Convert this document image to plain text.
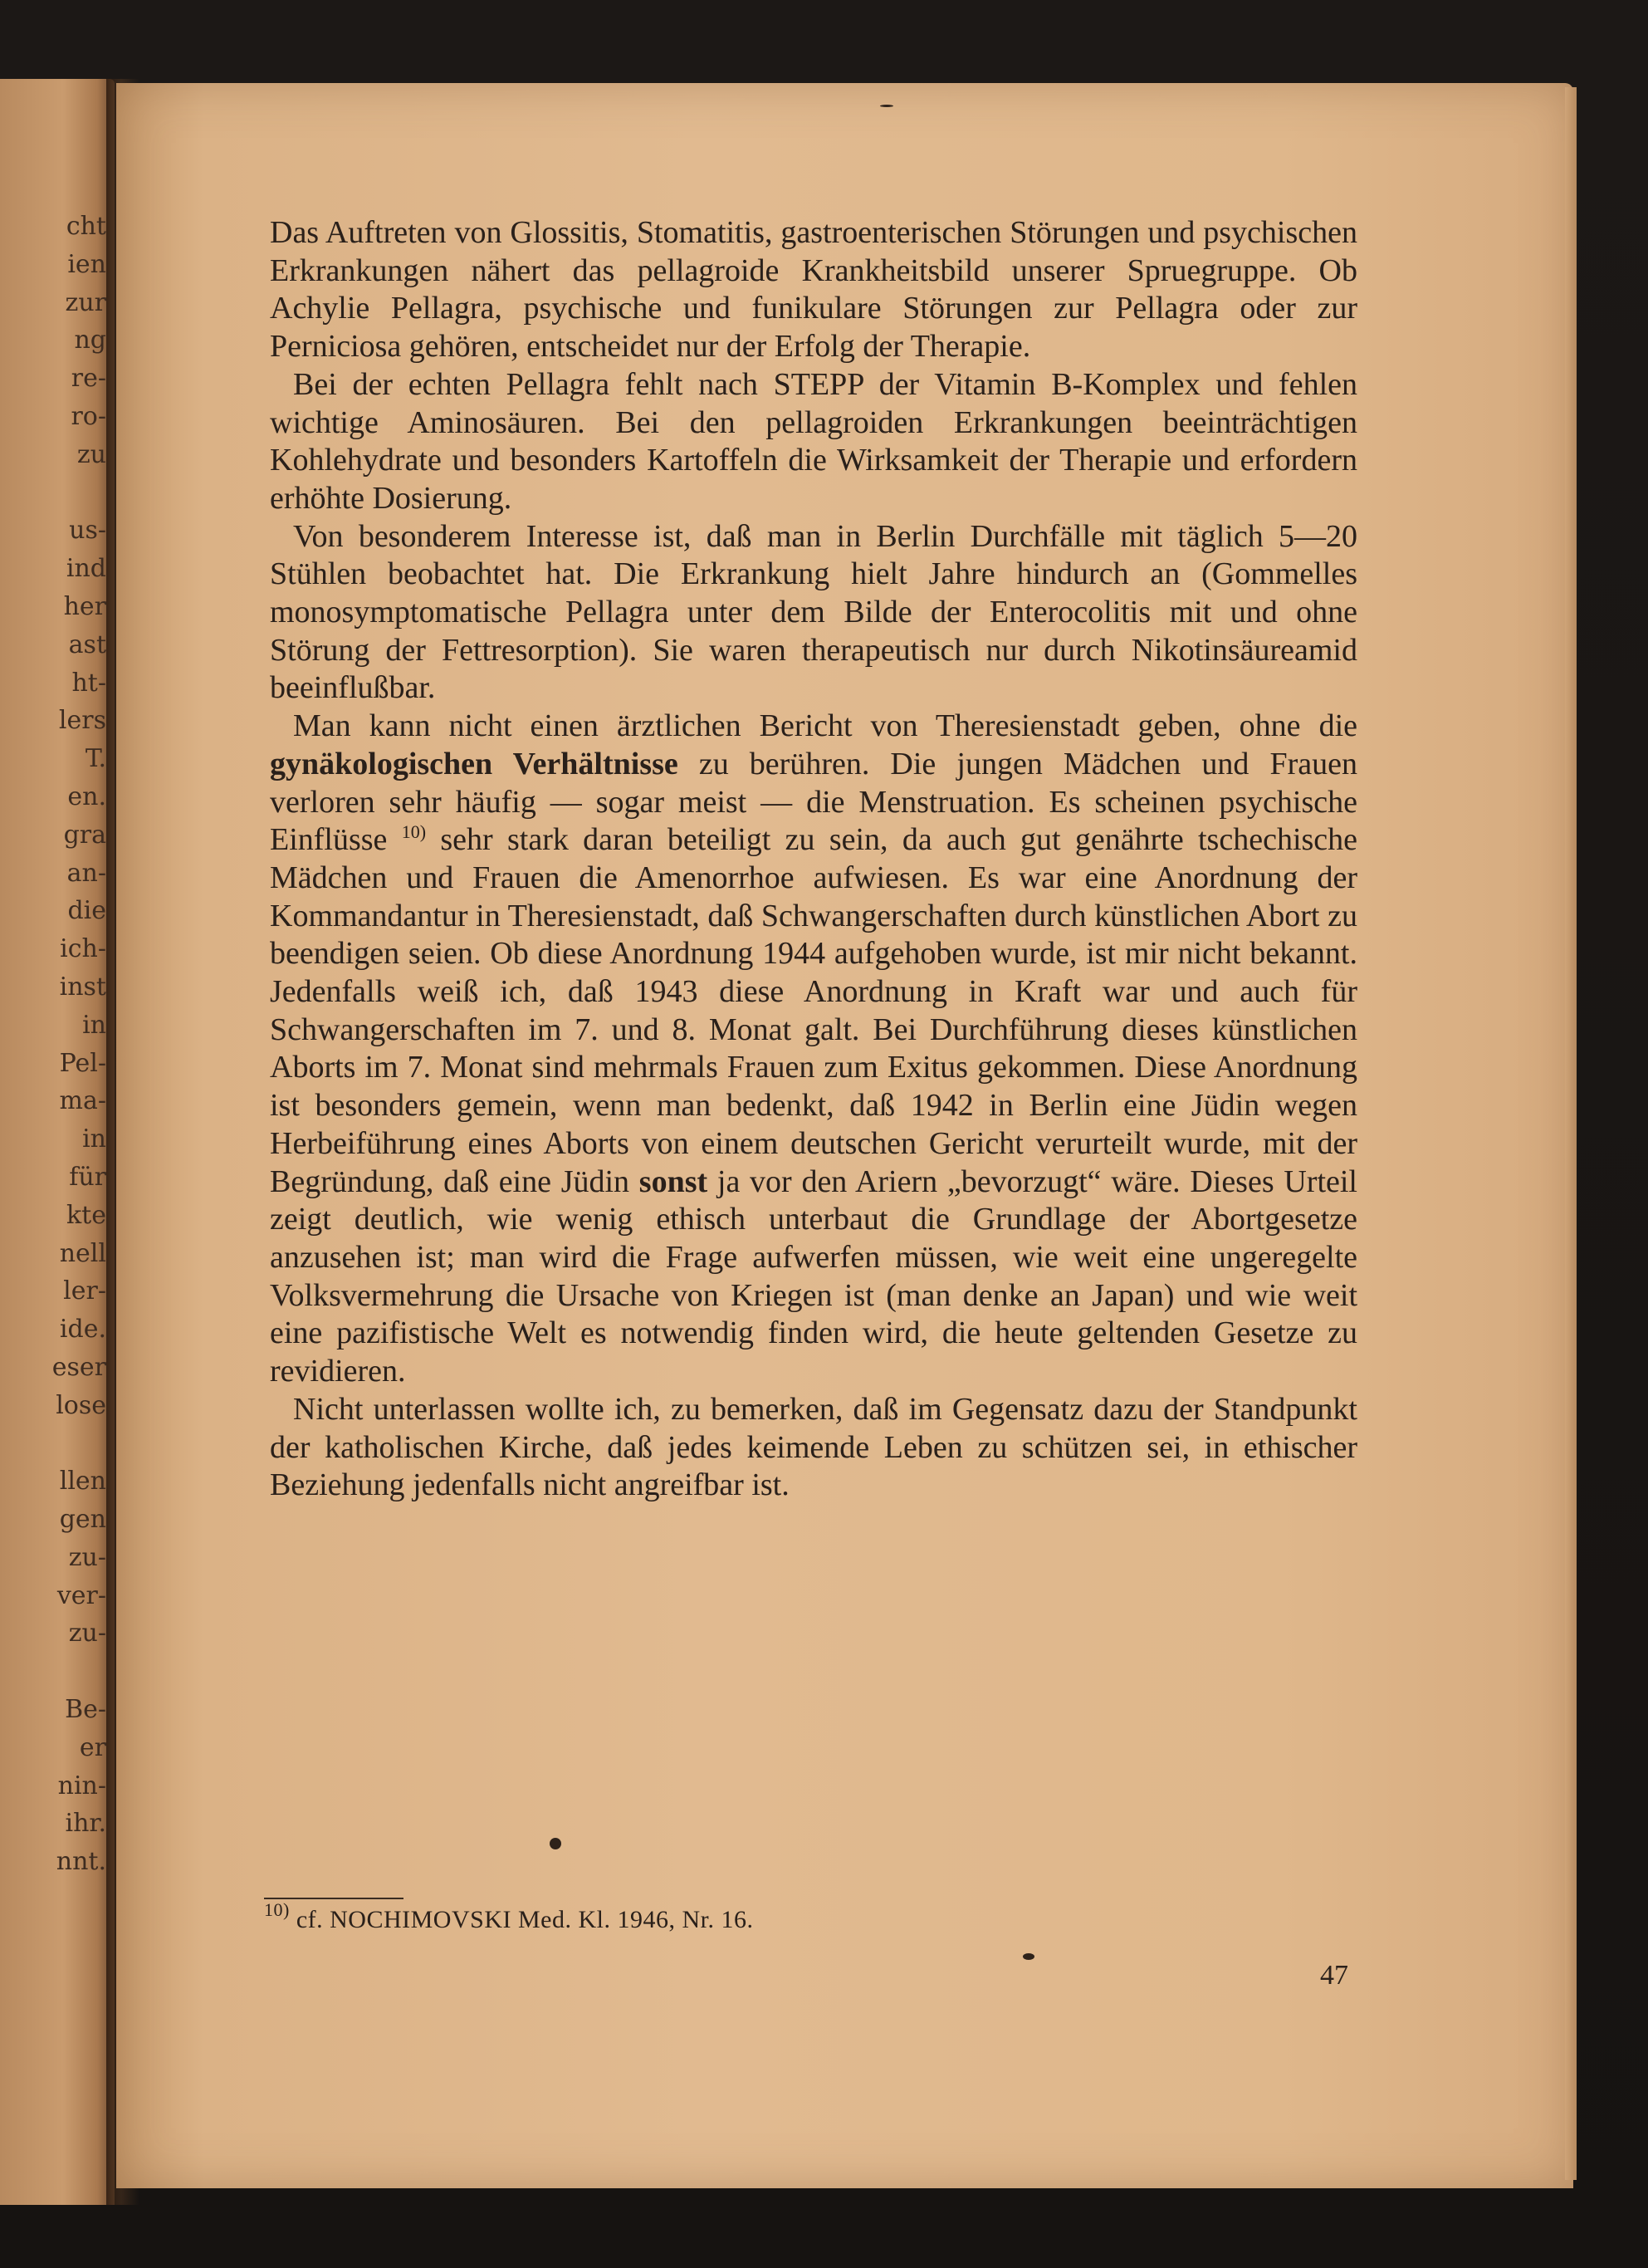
cht
ien
zur
ng
re-
ro-
zu
us-
ind
her
ast
ht-
lers
T.
en.
gra
an-
die
ich-
inst
in
Pel-
ma-
in
für
kte
nell
ler-
ide.
eser
lose
llen
gen
zu-
ver-
zu-
Be-
er
nin-
ihr.
nnt.

Das Auftreten von Glossitis, Stomatitis, gastroenterischen Störungen und psychischen Erkrankungen nähert das pellagroide Krankheitsbild unserer Spruegruppe. Ob Achylie Pellagra, psychische und funikulare Störungen zur Pellagra oder zur Perniciosa gehören, entscheidet nur der Erfolg der Therapie.

Bei der echten Pellagra fehlt nach STEPP der Vitamin B-Komplex und fehlen wichtige Aminosäuren. Bei den pellagroiden Erkrankungen beeinträchtigen Kohlehydrate und besonders Kartoffeln die Wirksamkeit der Therapie und erfordern erhöhte Dosierung.

Von besonderem Interesse ist, daß man in Berlin Durchfälle mit täglich 5—20 Stühlen beobachtet hat. Die Erkrankung hielt Jahre hindurch an (Gommelles monosymptomatische Pellagra unter dem Bilde der Enterocolitis mit und ohne Störung der Fettresorption). Sie waren therapeutisch nur durch Nikotinsäureamid beeinflußbar.

Man kann nicht einen ärztlichen Bericht von Theresienstadt geben, ohne die gynäkologischen Verhältnisse zu berühren. Die jungen Mädchen und Frauen verloren sehr häufig — sogar meist — die Menstruation. Es scheinen psychische Einflüsse $^{10)}$ sehr stark daran beteiligt zu sein, da auch gut genährte tschechische Mädchen und Frauen die Amenorrhoe aufwiesen. Es war eine Anordnung der Kommandantur in Theresienstadt, daß Schwangerschaften durch künstlichen Abort zu beendigen seien. Ob diese Anordnung 1944 aufgehoben wurde, ist mir nicht bekannt. Jedenfalls weiß ich, daß 1943 diese Anordnung in Kraft war und auch für Schwangerschaften im 7. und 8. Monat galt. Bei Durchführung dieses künstlichen Aborts im 7. Monat sind mehrmals Frauen zum Exitus gekommen. Diese Anordnung ist besonders gemein, wenn man bedenkt, daß 1942 in Berlin eine Jüdin wegen Herbeiführung eines Aborts von einem deutschen Gericht verurteilt wurde, mit der Begründung, daß eine Jüdin sonst ja vor den Ariern „bevorzugt“ wäre. Dieses Urteil zeigt deutlich, wie wenig ethisch unterbaut die Grundlage der Abortgesetze anzusehen ist; man wird die Frage aufwerfen müssen, wie weit eine ungeregelte Volksvermehrung die Ursache von Kriegen ist (man denke an Japan) und wie weit eine pazifistische Welt es notwendig finden wird, die heute geltenden Gesetze zu revidieren.

Nicht unterlassen wollte ich, zu bemerken, daß im Gegensatz dazu der Standpunkt der katholischen Kirche, daß jedes keimende Leben zu schützen sei, in ethischer Beziehung jedenfalls nicht angreifbar ist.

$^{10)}$ cf. NOCHIMOVSKI Med. Kl. 1946, Nr. 16.
47
